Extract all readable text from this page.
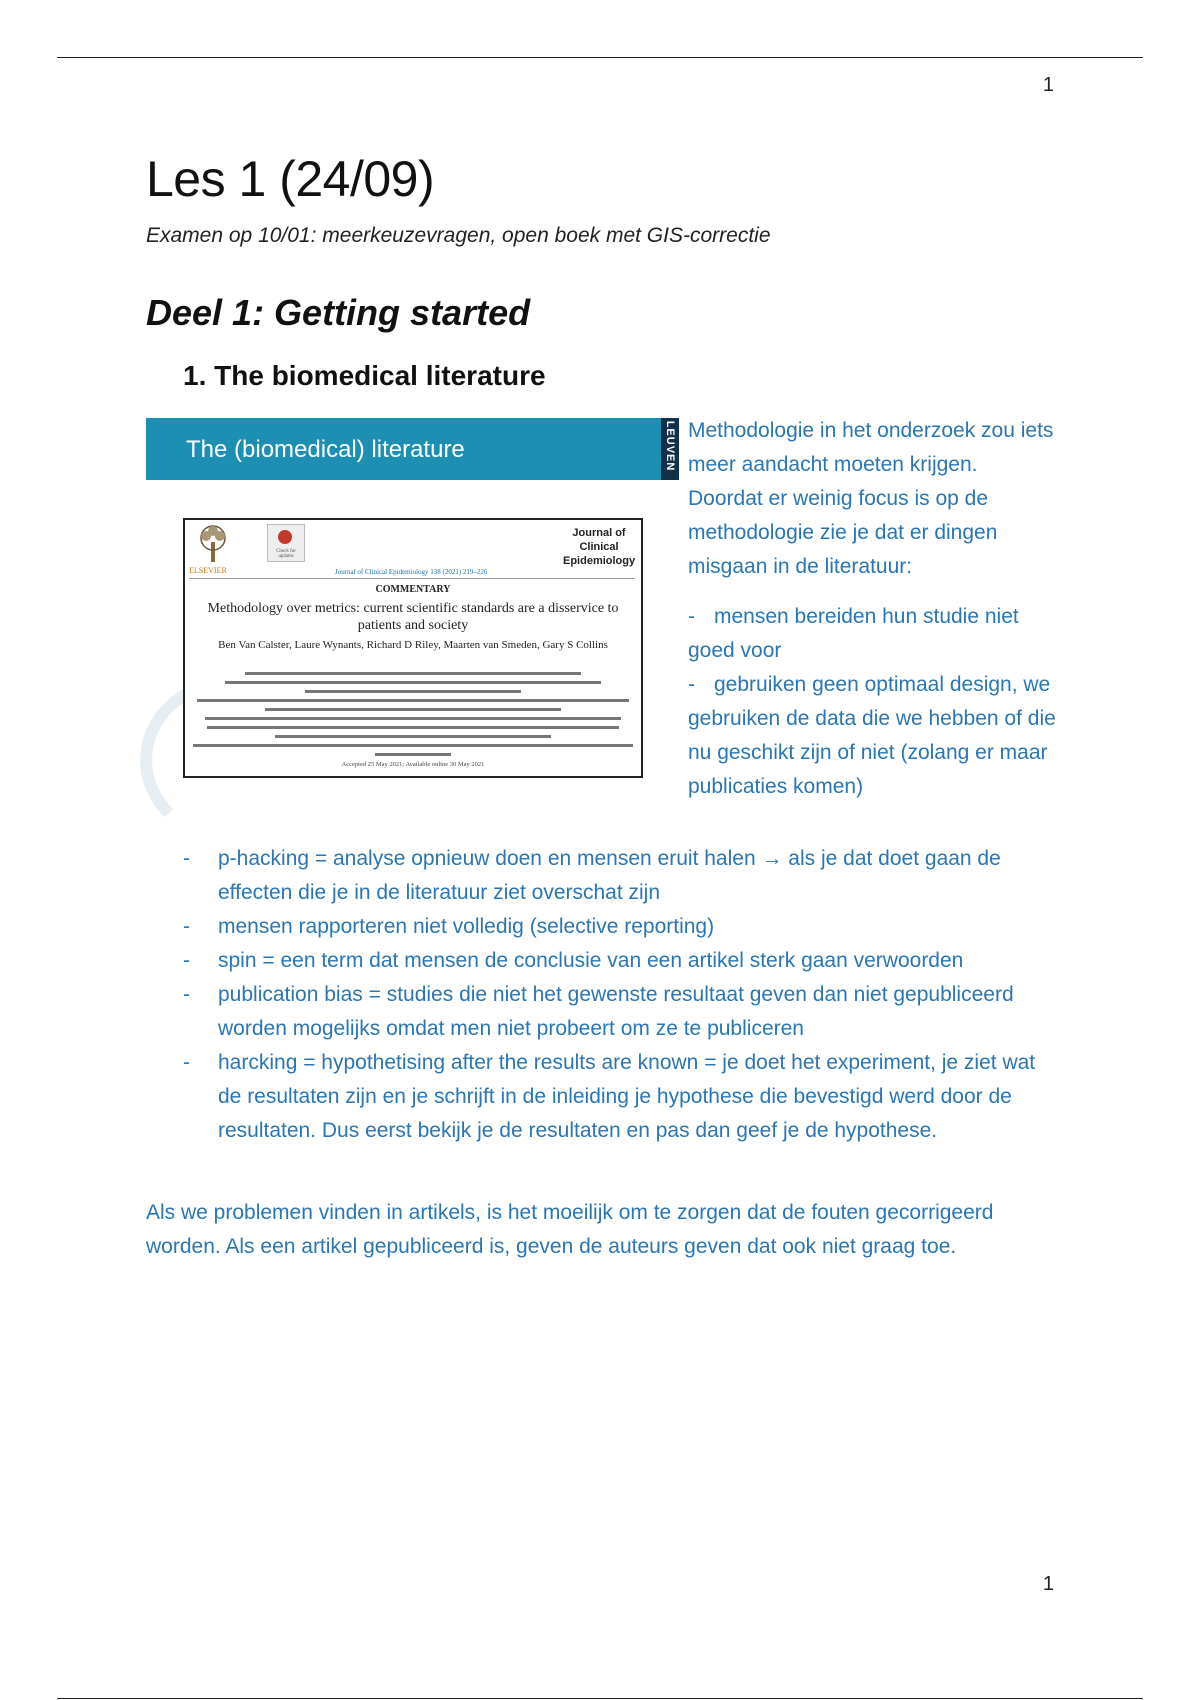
1
Les 1 (24/09)

Examen op 10/01: meerkeuzevragen, open boek met GIS-correctie

Deel 1: Getting started
1. The biomedical literature
The (biomedical) literature	LEUVEN
ELSEVIER
Check for updates
Journal of Clinical Epidemiology 138 (2021) 219–226
Journal of Clinical Epidemiology
COMMENTARY
Methodology over metrics: current scientific standards are a disservice to patients and society
Ben Van Calster, Laure Wynants, Richard D Riley, Maarten van Smeden, Gary S Collins
Accepted 25 May 2021; Available online 30 May 2021

Methodologie in het onderzoek zou iets meer aandacht moeten krijgen. Doordat er weinig focus is op de methodologie zie je dat er dingen misgaan in de literatuur:

- mensen bereiden hun studie niet goed voor

- gebruiken geen optimaal design, we gebruiken de data die we hebben of die nu geschikt zijn of niet (zolang er maar publicaties komen)

- p-hacking = analyse opnieuw doen en mensen eruit halen → als je dat doet gaan de effecten die je in de literatuur ziet overschat zijn
- mensen rapporteren niet volledig (selective reporting)
- spin = een term dat mensen de conclusie van een artikel sterk gaan verwoorden
- publication bias = studies die niet het gewenste resultaat geven dan niet gepubliceerd worden mogelijks omdat men niet probeert om ze te publiceren
- harcking = hypothetising after the results are known = je doet het experiment, je ziet wat de resultaten zijn en je schrijft in de inleiding je hypothese die bevestigd werd door de resultaten. Dus eerst bekijk je de resultaten en pas dan geef je de hypothese.

Als we problemen vinden in artikels, is het moeilijk om te zorgen dat de fouten gecorrigeerd worden. Als een artikel gepubliceerd is, geven de auteurs geven dat ook niet graag toe.

1
